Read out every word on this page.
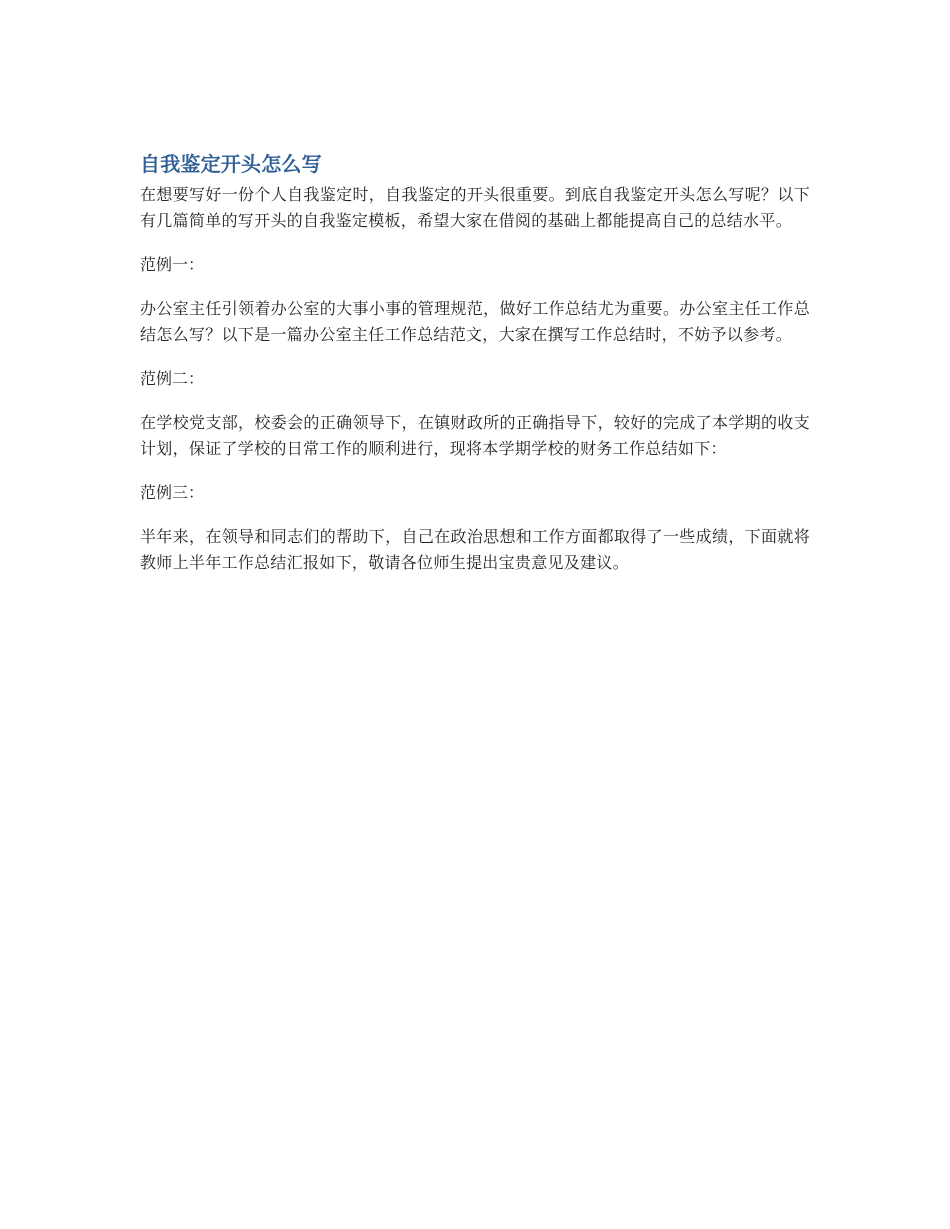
自我鉴定开头怎么写

在想要写好一份个人自我鉴定时，自我鉴定的开头很重要。到底自我鉴定开头怎么写呢？以下有几篇简单的写开头的自我鉴定模板，希望大家在借阅的基础上都能提高自己的总结水平。

范例一：

办公室主任引领着办公室的大事小事的管理规范，做好工作总结尤为重要。办公室主任工作总结怎么写？以下是一篇办公室主任工作总结范文，大家在撰写工作总结时，不妨予以参考。

范例二：

在学校党支部，校委会的正确领导下，在镇财政所的正确指导下，较好的完成了本学期的收支计划，保证了学校的日常工作的顺利进行，现将本学期学校的财务工作总结如下：

范例三：

半年来，在领导和同志们的帮助下，自己在政治思想和工作方面都取得了一些成绩，下面就将教师上半年工作总结汇报如下，敬请各位师生提出宝贵意见及建议。
